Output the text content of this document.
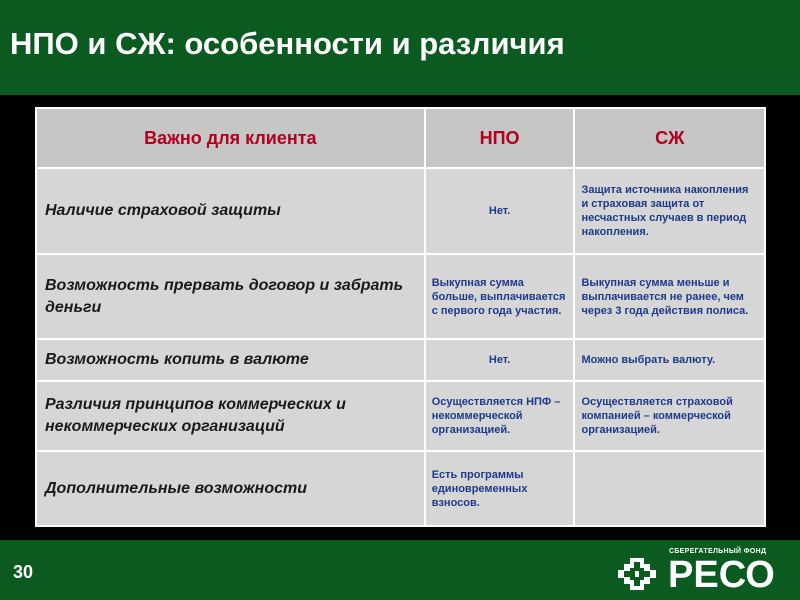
НПО и СЖ: особенности и различия
Важно для клиента	НПО	СЖ
Наличие страховой защиты	Нет.	Защита источника накопления и страховая защита от несчастных случаев в период накопления.
Возможность прервать договор и забрать деньги	Выкупная сумма больше, выплачивается с первого года участия.	Выкупная сумма меньше и выплачивается не ранее, чем через 3 года действия полиса.
Возможность копить в валюте	Нет.	Можно выбрать валюту.
Различия принципов коммерческих и некоммерческих организаций	Осуществляется НПФ – некоммерческой организацией.	Осуществляется страховой компанией – коммерческой организацией.
Дополнительные возможности	Есть программы единовременных взносов.	
30
СБЕРЕГАТЕЛЬНЫЙ ФОНД
РЕСО
